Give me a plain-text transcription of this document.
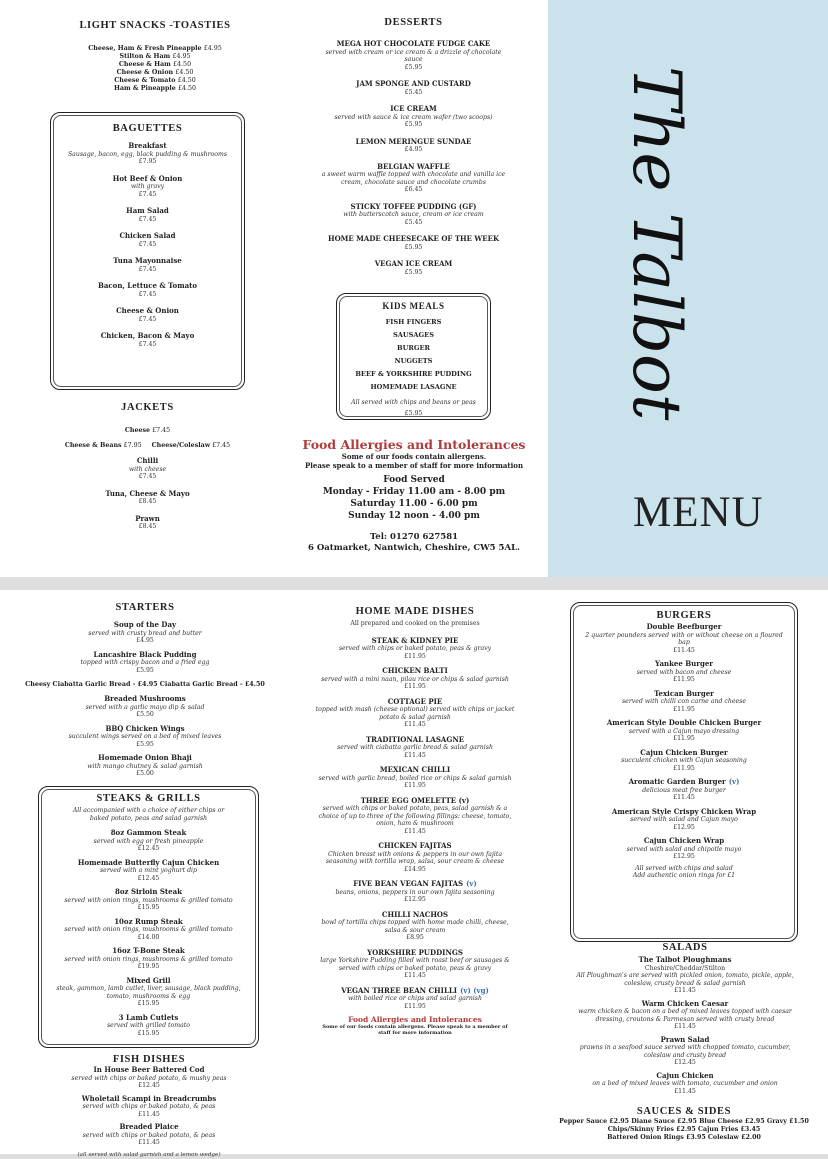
LIGHT SNACKS -TOASTIES
Cheese, Ham & Fresh Pineapple £4.95
Stilton & Ham £4.95
Cheese & Ham £4.50
Cheese & Onion £4.50
Cheese & Tomato £4.50
Ham & Pineapple £4.50
BAGUETTES
Breakfast
Sausage, bacon, egg, black pudding & mushrooms
£7.95
Hot Beef & Onion
with gravy
£7.45
Ham Salad
£7.45
Chicken Salad
£7.45
Tuna Mayonnaise
£7.45
Bacon, Lettuce & Tomato
£7.45
Cheese & Onion
£7.45
Chicken, Bacon & Mayo
£7.45
JACKETS
Cheese £7.45
Cheese & Beans £7.95 Cheese/Coleslaw £7.45
Chilli
with cheese
£7.45
Tuna, Cheese & Mayo
£8.45
Prawn
£8.45
DESSERTS
MEGA HOT CHOCOLATE FUDGE CAKE
served with cream or ice cream & a drizzle of chocolate sauce
£5.95
JAM SPONGE AND CUSTARD
£5.45
ICE CREAM
served with sauce & ice cream wafer (two scoops)
£5.95
LEMON MERINGUE SUNDAE
£4.95
BELGIAN WAFFLE
a sweet warm waffle topped with chocolate and vanilla ice cream, chocolate sauce and chocolate crumbs
£6.45
STICKY TOFFEE PUDDING (GF)
with butterscotch sauce, cream or ice cream
£5.45
HOME MADE CHEESECAKE OF THE WEEK
£5.95
VEGAN ICE CREAM
£5.95
KIDS MEALS
FISH FINGERS
SAUSAGES
BURGER
NUGGETS
BEEF & YORKSHIRE PUDDING
HOMEMADE LASAGNE
All served with chips and beans or peas
£5.95
Food Allergies and Intolerances
Some of our foods contain allergens.
Please speak to a member of staff for more information
Food Served
Monday - Friday 11.00 am - 8.00 pm
Saturday 11.00 - 6.00 pm
Sunday 12 noon - 4.00 pm
Tel: 01270 627581
6 Oatmarket, Nantwich, Cheshire, CW5 5AL.
The Talbot
MENU
STARTERS
Soup of the Day
served with crusty bread and butter
£4.95
Lancashire Black Pudding
topped with crispy bacon and a fried egg
£5.95
Cheesy Ciabatta Garlic Bread - £4.95 Ciabatta Garlic Bread - £4.50
Breaded Mushrooms
served with a garlic mayo dip & salad
£5.50
BBQ Chicken Wings
succulent wings served on a bed of mixed leaves
£5.95
Homemade Onion Bhaji
with mango chutney & salad garnish
£5.00
STEAKS & GRILLS
All accompanied with a choice of either chips or baked potato, peas and salad garnish
8oz Gammon Steak
served with egg or fresh pineapple
£12.45
Homemade Butterfly Cajun Chicken
served with a mint yoghurt dip
£12.45
8oz Sirloin Steak
served with onion rings, mushrooms & grilled tomato
£15.95
10oz Rump Steak
served with onion rings, mushrooms & grilled tomato
£14.00
16oz T-Bone Steak
served with onion rings, mushrooms & grilled tomato
£19.95
Mixed Grill
steak, gammon, lamb cutlet, liver, sausage, black pudding, tomato, mushrooms & egg
£15.95
3 Lamb Cutlets
served with grilled tomato
£15.95
FISH DISHES
In House Beer Battered Cod
served with chips or baked potato, & mushy peas
£12.45
Wholetail Scampi in Breadcrumbs
served with chips or baked potato, & peas
£11.45
Breaded Plaice
served with chips or baked potato, & peas
£11.45
(all served with salad garnish and a lemon wedge)
HOME MADE DISHES
All prepared and cooked on the premises
STEAK & KIDNEY PIE
served with chips or baked potato, peas & gravy
£11.95
CHICKEN BALTI
served with a mini naan, pilau rice or chips & salad garnish
£11.95
COTTAGE PIE
topped with mash (cheese optional) served with chips or jacket potato & salad garnish
£11.45
TRADITIONAL LASAGNE
served with ciabatta garlic bread & salad garnish
£11.45
MEXICAN CHILLI
served with garlic bread, boiled rice or chips & salad garnish
£11.95
THREE EGG OMELETTE (v)
served with chips or baked potato, peas, salad garnish & a choice of up to three of the following fillings: cheese, tomato, onion, ham & mushroom
£11.45
CHICKEN FAJITAS
Chicken breast with onions & peppers in our own fajita seasoning with tortilla wrap, salsa, sour cream & cheese
£14.95
FIVE BEAN VEGAN FAJITAS (v)
beans, onions, peppers in our own fajita seasoning
£12.95
CHILLI NACHOS
bowl of tortilla chips topped with home made chilli, cheese, salsa & sour cream
£8.95
YORKSHIRE PUDDINGS
large Yorkshire Pudding filled with roast beef or sausages & served with chips or baked potato, peas & gravy
£11.45
VEGAN THREE BEAN CHILLI (v) (vg)
with boiled rice or chips and salad garnish
£11.95
Food Allergies and Intolerances
Some of our foods contain allergens. Please speak to a member of staff for more information
BURGERS
Double Beefburger
2 quarter pounders served with or without cheese on a floured bap
£11.45
Yankee Burger
served with bacon and cheese
£11.95
Texican Burger
served with chilli con carne and cheese
£11.95
American Style Double Chicken Burger
served with a Cajun mayo dressing
£11.95
Cajun Chicken Burger
succulent chicken with Cajun seasoning
£11.95
Aromatic Garden Burger (v)
delicious meat free burger
£11.45
American Style Crispy Chicken Wrap
served with salad and Cajun mayo
£12.95
Cajun Chicken Wrap
served with salad and chipotle mayo
£12.95
All served with chips and salad
Add authentic onion rings for £1
SALADS
The Talbot Ploughmans
Cheshire/Cheddar/Stilton
All Ploughman's are served with pickled onion, tomato, pickle, apple, coleslaw, crusty bread & salad garnish
£11.45
Warm Chicken Caesar
warm chicken & bacon on a bed of mixed leaves topped with caesar dressing, croutons & Parmesan served with crusty bread
£11.45
Prawn Salad
prawns in a seafood sauce served with chopped tomato, cucumber, coleslaw and crusty bread
£12.45
Cajun Chicken
on a bed of mixed leaves with tomato, cucumber and onion
£11.45
SAUCES & SIDES
Pepper Sauce £2.95 Diane Sauce £2.95 Blue Cheese £2.95 Gravy £1.50
Chips/Skinny Fries £2.95 Cajun Fries £3.45
Battered Onion Rings £3.95 Coleslaw £2.00
